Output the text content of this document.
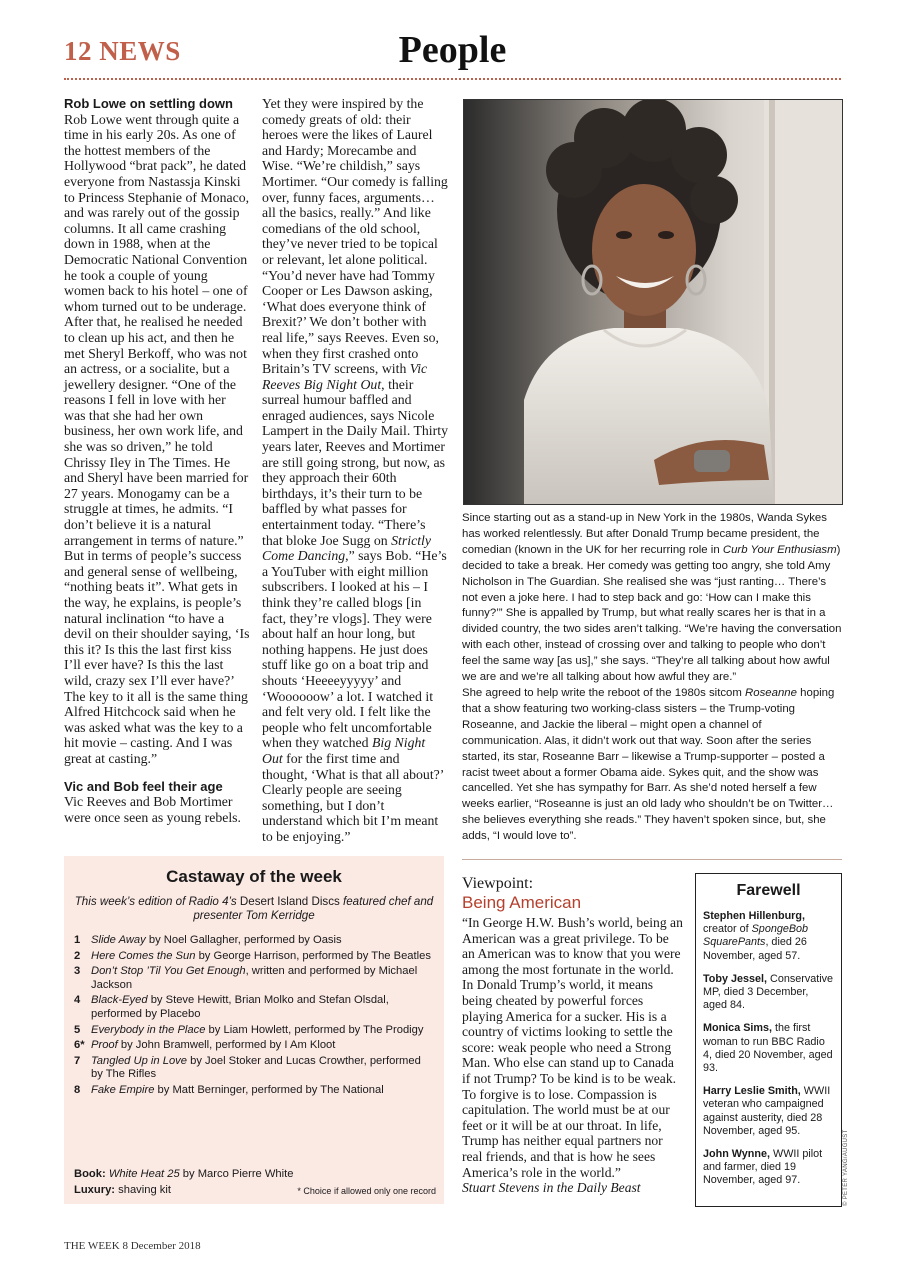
12 NEWS	People
Rob Lowe on settling down
Rob Lowe went through quite a time in his early 20s. As one of the hottest members of the Hollywood “brat pack”, he dated everyone from Nastassja Kinski to Princess Stephanie of Monaco, and was rarely out of the gossip columns. It all came crashing down in 1988, when at the Democratic National Convention he took a couple of young women back to his hotel – one of whom turned out to be underage. After that, he realised he needed to clean up his act, and then he met Sheryl Berkoff, who was not an actress, or a socialite, but a jewellery designer. “One of the reasons I fell in love with her was that she had her own business, her own work life, and she was so driven,” he told Chrissy Iley in The Times. He and Sheryl have been married for 27 years. Monogamy can be a struggle at times, he admits. “I don’t believe it is a natural arrangement in terms of nature.” But in terms of people’s success and general sense of wellbeing, “nothing beats it”. What gets in the way, he explains, is people’s natural inclination “to have a devil on their shoulder saying, ‘Is this it? Is this the last first kiss I’ll ever have? Is this the last wild, crazy sex I’ll ever have?’ The key to it all is the same thing Alfred Hitchcock said when he was asked what was the key to a hit movie – casting. And I was great at casting.”
Vic and Bob feel their age
Vic Reeves and Bob Mortimer were once seen as young rebels.
Yet they were inspired by the comedy greats of old: their heroes were the likes of Laurel and Hardy; Morecambe and Wise. “We’re childish,” says Mortimer. “Our comedy is falling over, funny faces, arguments… all the basics, really.” And like comedians of the old school, they’ve never tried to be topical or relevant, let alone political. “You’d never have had Tommy Cooper or Les Dawson asking, ‘What does everyone think of Brexit?’ We don’t bother with real life,” says Reeves. Even so, when they first crashed onto Britain’s TV screens, with Vic Reeves Big Night Out, their surreal humour baffled and enraged audiences, says Nicole Lampert in the Daily Mail. Thirty years later, Reeves and Mortimer are still going strong, but now, as they approach their 60th birthdays, it’s their turn to be baffled by what passes for entertainment today. “There’s that bloke Joe Sugg on Strictly Come Dancing,” says Bob. “He’s a YouTuber with eight million subscribers. I looked at his – I think they’re called blogs [in fact, they’re vlogs]. They were about half an hour long, but nothing happens. He just does stuff like go on a boat trip and shouts ‘Heeeeyyyyy’ and ‘Woooooow’ a lot. I watched it and felt very old. I felt like the people who felt uncomfortable when they watched Big Night Out for the first time and thought, ‘What is that all about?’ Clearly people are seeing something, but I don’t understand which bit I’m meant to be enjoying.”

Since starting out as a stand-up in New York in the 1980s, Wanda Sykes has worked relentlessly. But after Donald Trump became president, the comedian (known in the UK for her recurring role in Curb Your Enthusiasm) decided to take a break. Her comedy was getting too angry, she told Amy Nicholson in The Guardian. She realised she was “just ranting… There’s not even a joke here. I had to step back and go: ‘How can I make this funny?’” She is appalled by Trump, but what really scares her is that in a divided country, the two sides aren’t talking. “We’re having the conversation with each other, instead of crossing over and talking to people who don’t feel the same way [as us],” she says. “They’re all talking about how awful we are and we’re all talking about how awful they are.”

She agreed to help write the reboot of the 1980s sitcom Roseanne hoping that a show featuring two working-class sisters – the Trump-voting Roseanne, and Jackie the liberal – might open a channel of communication. Alas, it didn’t work out that way. Soon after the series started, its star, Roseanne Barr – likewise a Trump-supporter – posted a racist tweet about a former Obama aide. Sykes quit, and the show was cancelled. Yet she has sympathy for Barr. As she’d noted herself a few weeks earlier, “Roseanne is just an old lady who shouldn’t be on Twitter… she believes everything she reads.” They haven’t spoken since, but, she adds, “I would love to”.

Castaway of the week
This week’s edition of Radio 4’s Desert Island Discs featured chef and presenter Tom Kerridge
1 Slide Away by Noel Gallagher, performed by Oasis
2 Here Comes the Sun by George Harrison, performed by The Beatles
3 Don’t Stop ’Til You Get Enough, written and performed by Michael Jackson
4 Black-Eyed by Steve Hewitt, Brian Molko and Stefan Olsdal, performed by Placebo
5 Everybody in the Place by Liam Howlett, performed by The Prodigy
6* Proof by John Bramwell, performed by I Am Kloot
7 Tangled Up in Love by Joel Stoker and Lucas Crowther, performed by The Rifles
8 Fake Empire by Matt Berninger, performed by The National
Book: White Heat 25 by Marco Pierre White
Luxury: shaving kit	* Choice if allowed only one record
Viewpoint:
Being American
“In George H.W. Bush’s world, being an American was a great privilege. To be an American was to know that you were among the most fortunate in the world. In Donald Trump’s world, it means being cheated by powerful forces playing America for a sucker. His is a country of victims looking to settle the score: weak people who need a Strong Man. Who else can stand up to Canada if not Trump? To be kind is to be weak. To forgive is to lose. Compassion is capitulation. The world must be at our feet or it will be at our throat. In life, Trump has neither equal partners nor real friends, and that is how he sees America’s role in the world.”
Stuart Stevens in the Daily Beast
Farewell
Stephen Hillenburg, creator of SpongeBob SquarePants, died 26 November, aged 57.
Toby Jessel, Conservative MP, died 3 December, aged 84.
Monica Sims, the first woman to run BBC Radio 4, died 20 November, aged 93.
Harry Leslie Smith, WWII veteran who campaigned against austerity, died 28 November, aged 95.
John Wynne, WWII pilot and farmer, died 19 November, aged 97.	© PETER YANG/AUGUST
THE WEEK 8 December 2018
